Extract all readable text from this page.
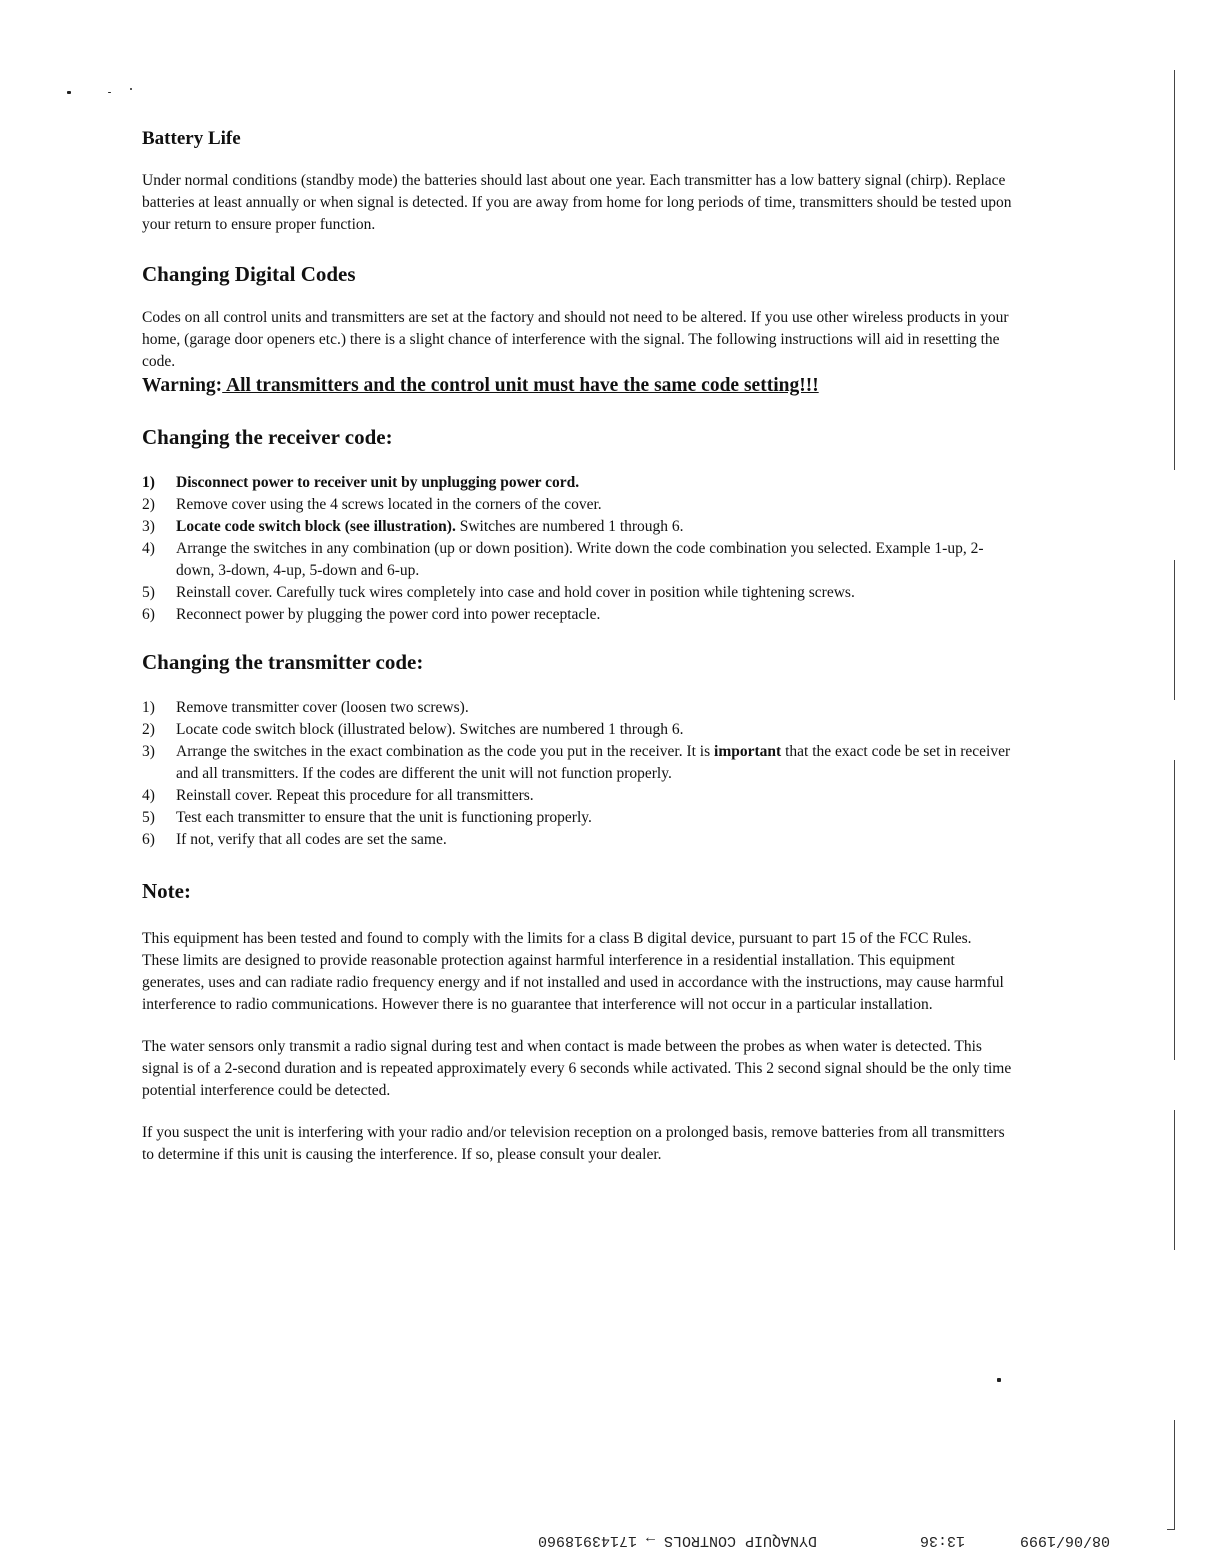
Battery Life

Under normal conditions (standby mode) the batteries should last about one year. Each transmitter has a low battery signal (chirp). Replace batteries at least annually or when signal is detected. If you are away from home for long periods of time, transmitters should be tested upon your return to ensure proper function.

Changing Digital Codes

Codes on all control units and transmitters are set at the factory and should not need to be altered. If you use other wireless products in your home, (garage door openers etc.) there is a slight chance of interference with the signal. The following instructions will aid in resetting the code.

Warning: All transmitters and the control unit must have the same code setting!!!
Changing the receiver code:
1) Disconnect power to receiver unit by unplugging power cord.
2) Remove cover using the 4 screws located in the corners of the cover.
3) Locate code switch block (see illustration). Switches are numbered 1 through 6.
4) Arrange the switches in any combination (up or down position). Write down the code combination you selected. Example 1-up, 2-down, 3-down, 4-up, 5-down and 6-up.
5) Reinstall cover. Carefully tuck wires completely into case and hold cover in position while tightening screws.
6) Reconnect power by plugging the power cord into power receptacle.
Changing the transmitter code:
1) Remove transmitter cover (loosen two screws).
2) Locate code switch block (illustrated below). Switches are numbered 1 through 6.
3) Arrange the switches in the exact combination as the code you put in the receiver. It is important that the exact code be set in receiver and all transmitters. If the codes are different the unit will not function properly.
4) Reinstall cover. Repeat this procedure for all transmitters.
5) Test each transmitter to ensure that the unit is functioning properly.
6) If not, verify that all codes are set the same.
Note:

This equipment has been tested and found to comply with the limits for a class B digital device, pursuant to part 15 of the FCC Rules. These limits are designed to provide reasonable protection against harmful interference in a residential installation. This equipment generates, uses and can radiate radio frequency energy and if not installed and used in accordance with the instructions, may cause harmful interference to radio communications. However there is no guarantee that interference will not occur in a particular installation.

The water sensors only transmit a radio signal during test and when contact is made between the probes as when water is detected. This signal is of a 2-second duration and is repeated approximately every 6 seconds while activated. This 2 second signal should be the only time potential interference could be detected.

If you suspect the unit is interfering with your radio and/or television reception on a prolonged basis, remove batteries from all transmitters to determine if this unit is causing the interference. If so, please consult your dealer.

08/06/1999
13:36
DYNAQUIP CONTROLS → 17143918960
